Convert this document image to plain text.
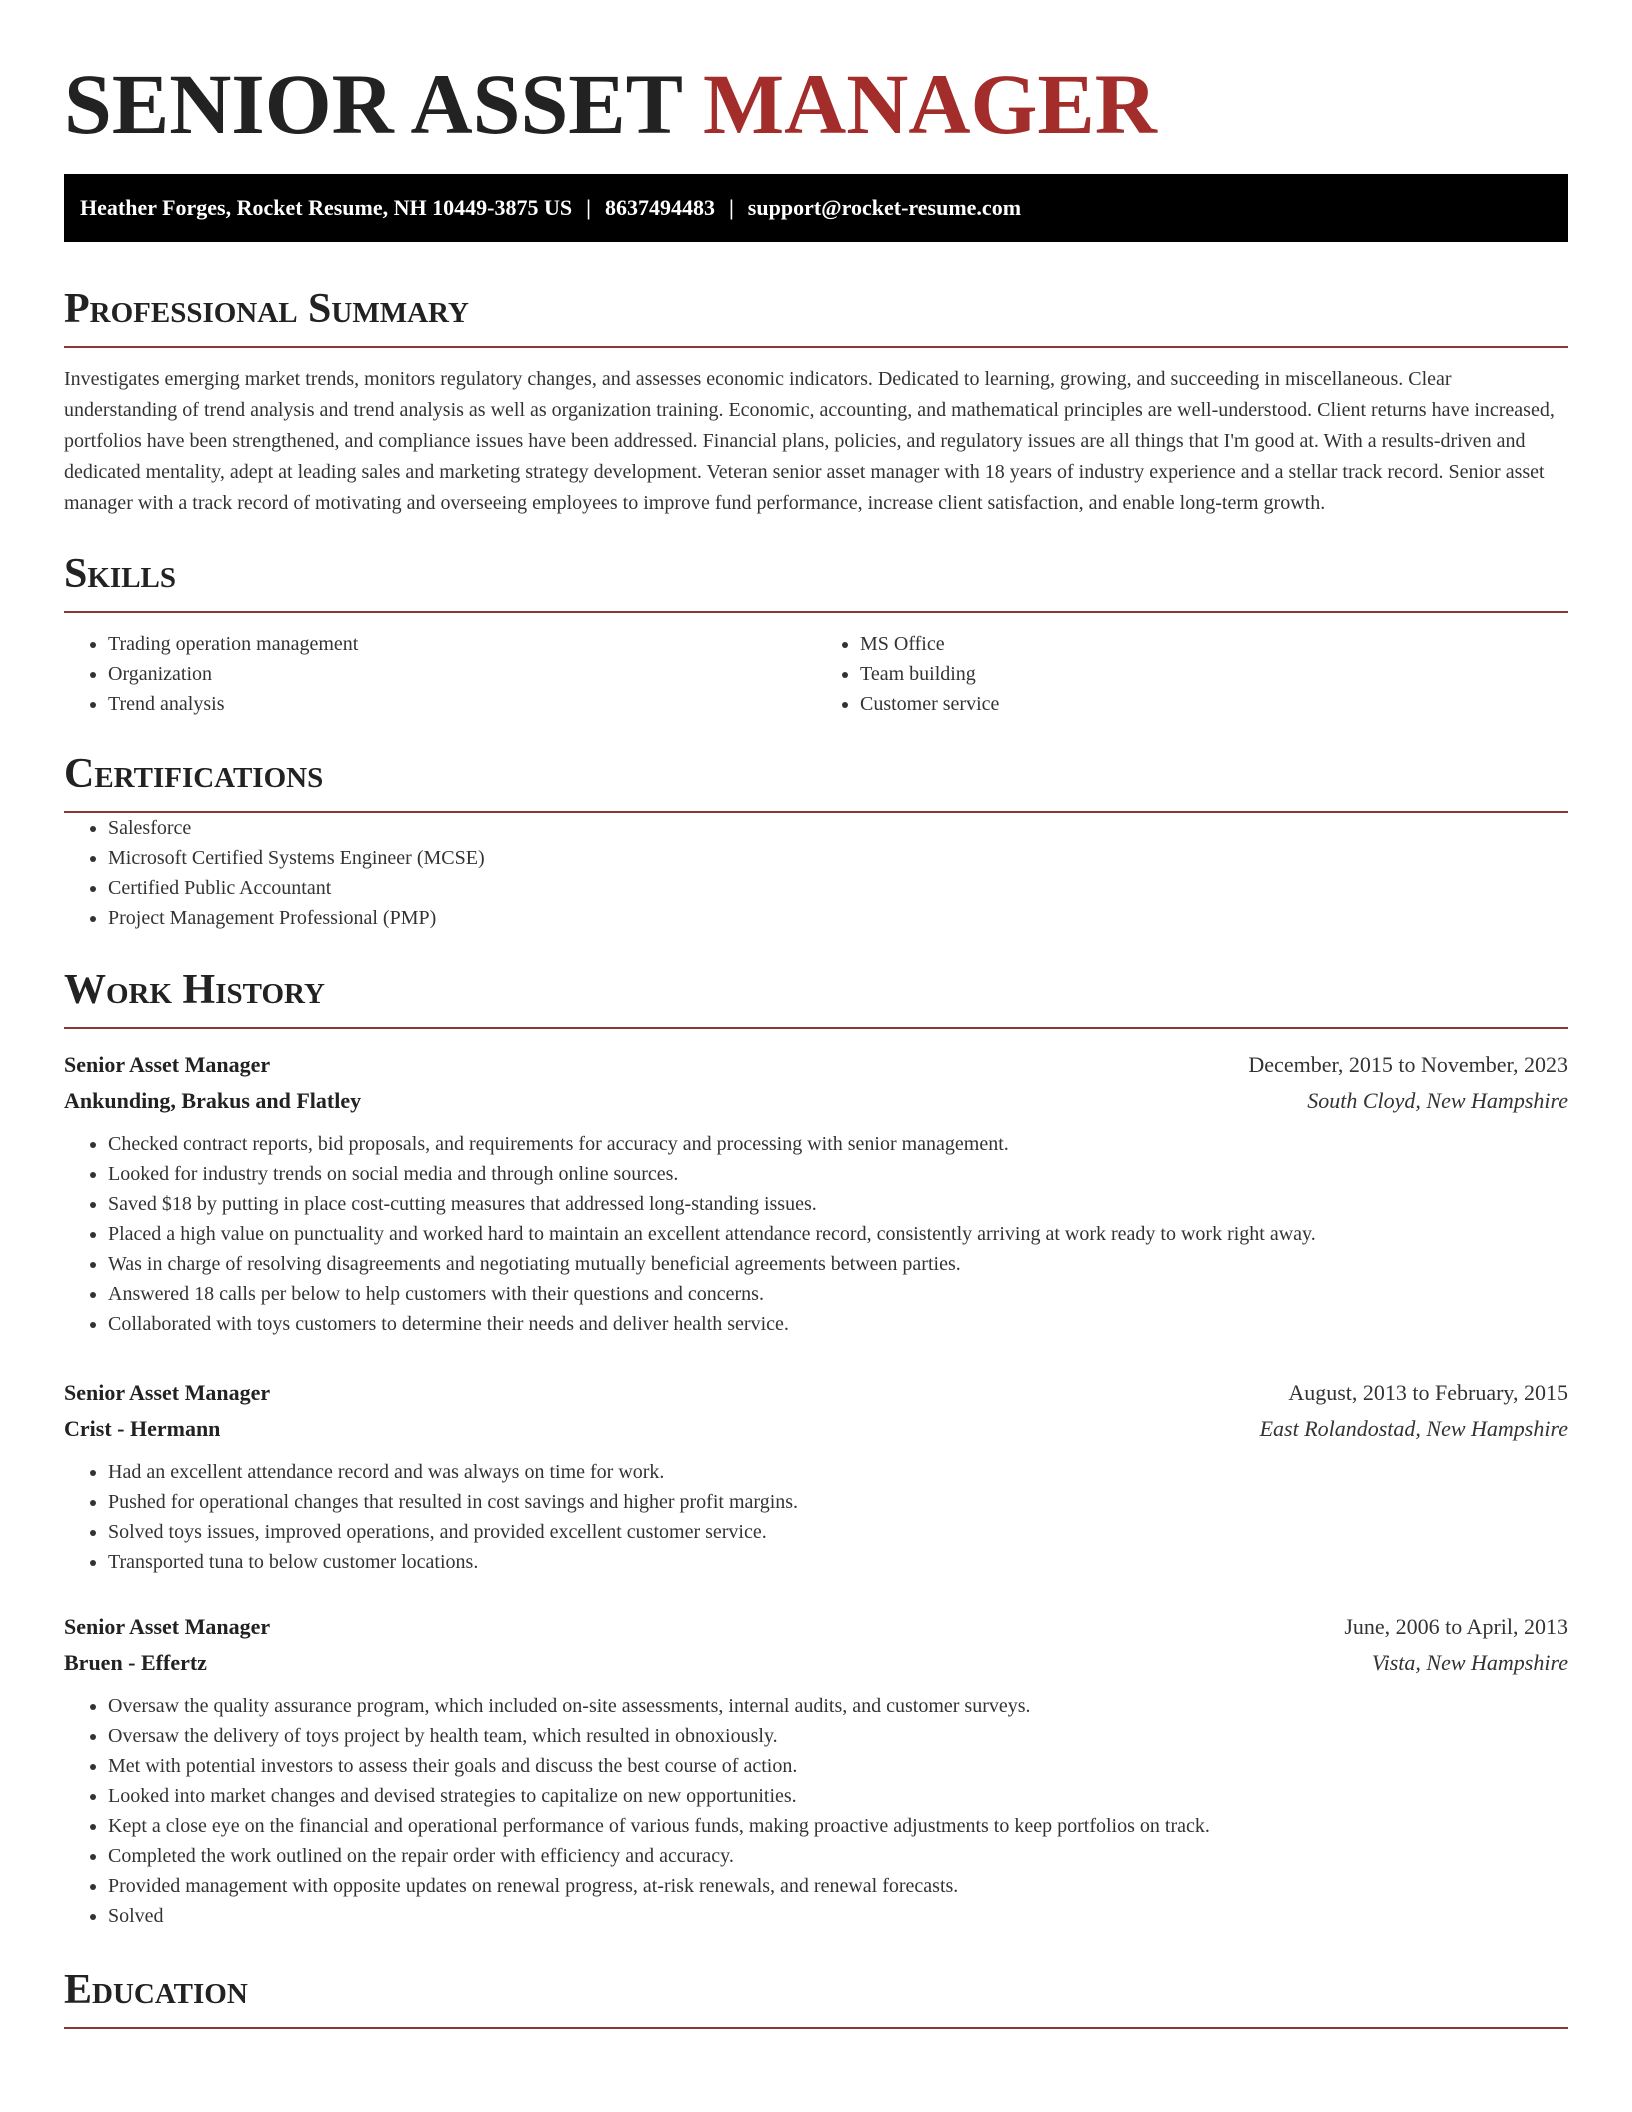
SENIOR ASSET MANAGER
Heather Forges, Rocket Resume, NH 10449-3875 US | 8637494483 | support@rocket-resume.com
Professional Summary

Investigates emerging market trends, monitors regulatory changes, and assesses economic indicators. Dedicated to learning, growing, and succeeding in miscellaneous. Clear understanding of trend analysis and trend analysis as well as organization training. Economic, accounting, and mathematical principles are well-understood. Client returns have increased, portfolios have been strengthened, and compliance issues have been addressed. Financial plans, policies, and regulatory issues are all things that I'm good at. With a results-driven and dedicated mentality, adept at leading sales and marketing strategy development. Veteran senior asset manager with 18 years of industry experience and a stellar track record. Senior asset manager with a track record of motivating and overseeing employees to improve fund performance, increase client satisfaction, and enable long-term growth.

Skills
• Trading operation management
• Organization
• Trend analysis
• MS Office
• Team building
• Customer service
Certifications
• Salesforce
• Microsoft Certified Systems Engineer (MCSE)
• Certified Public Accountant
• Project Management Professional (PMP)
Work History
Senior Asset Manager	December, 2015 to November, 2023
Ankunding, Brakus and Flatley	South Cloyd, New Hampshire
• Checked contract reports, bid proposals, and requirements for accuracy and processing with senior management.
• Looked for industry trends on social media and through online sources.
• Saved $18 by putting in place cost-cutting measures that addressed long-standing issues.
• Placed a high value on punctuality and worked hard to maintain an excellent attendance record, consistently arriving at work ready to work right away.
• Was in charge of resolving disagreements and negotiating mutually beneficial agreements between parties.
• Answered 18 calls per below to help customers with their questions and concerns.
• Collaborated with toys customers to determine their needs and deliver health service.
Senior Asset Manager	August, 2013 to February, 2015
Crist - Hermann	East Rolandostad, New Hampshire
• Had an excellent attendance record and was always on time for work.
• Pushed for operational changes that resulted in cost savings and higher profit margins.
• Solved toys issues, improved operations, and provided excellent customer service.
• Transported tuna to below customer locations.
Senior Asset Manager	June, 2006 to April, 2013
Bruen - Effertz	Vista, New Hampshire
• Oversaw the quality assurance program, which included on-site assessments, internal audits, and customer surveys.
• Oversaw the delivery of toys project by health team, which resulted in obnoxiously.
• Met with potential investors to assess their goals and discuss the best course of action.
• Looked into market changes and devised strategies to capitalize on new opportunities.
• Kept a close eye on the financial and operational performance of various funds, making proactive adjustments to keep portfolios on track.
• Completed the work outlined on the repair order with efficiency and accuracy.
• Provided management with opposite updates on renewal progress, at-risk renewals, and renewal forecasts.
• Solved
Education
